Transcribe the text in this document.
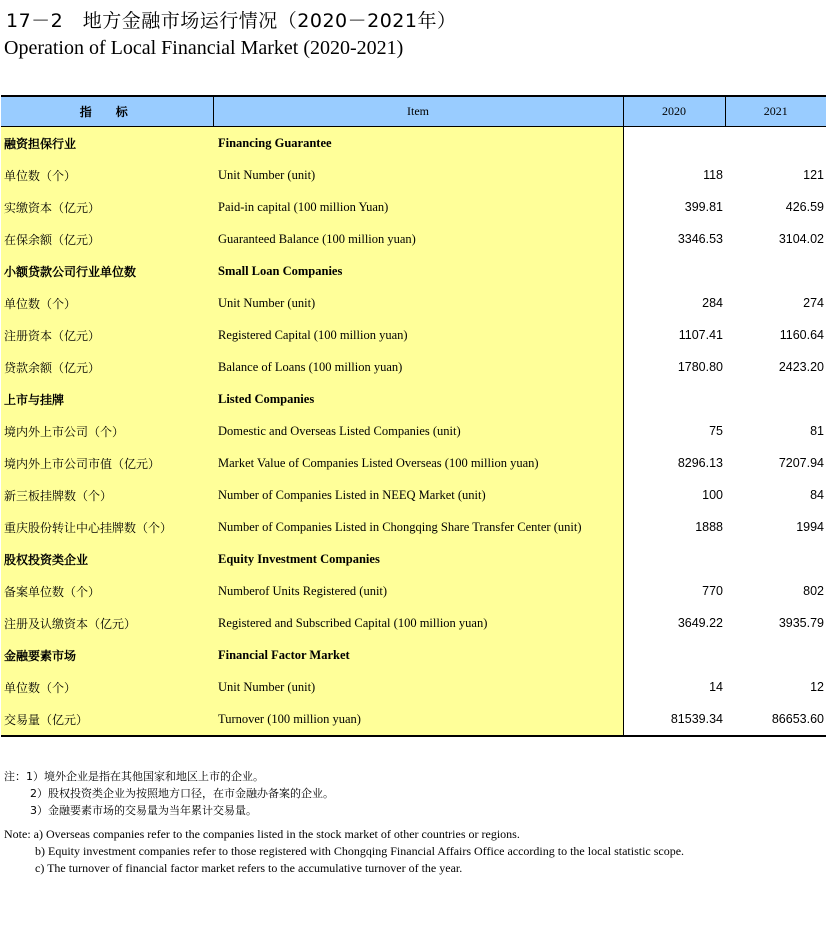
17－2　地方金融市场运行情况（2020－2021年）
Operation of Local Financial Market (2020-2021)
指　标	Item	2020	2021
融资担保行业	Financing Guarantee		
单位数（个）	Unit Number (unit)	118	121
实缴资本（亿元）	Paid-in capital (100 million Yuan)	399.81	426.59
在保余额（亿元）	Guaranteed Balance (100 million yuan)	3346.53	3104.02
小额贷款公司行业单位数	Small Loan Companies		
单位数（个）	Unit Number (unit)	284	274
注册资本（亿元）	Registered Capital (100 million yuan)	1107.41	1160.64
贷款余额（亿元）	Balance of Loans (100 million yuan)	1780.80	2423.20
上市与挂牌	Listed Companies		
境内外上市公司（个）	Domestic and Overseas Listed Companies (unit)	75	81
境内外上市公司市值（亿元）	Market Value of Companies Listed Overseas (100 million yuan)	8296.13	7207.94
新三板挂牌数（个）	Number of Companies Listed in NEEQ Market (unit)	100	84
重庆股份转让中心挂牌数（个）	Number of Companies Listed in Chongqing Share Transfer Center (unit)	1888	1994
股权投资类企业	Equity Investment Companies		
备案单位数（个）	Numberof Units Registered (unit)	770	802
注册及认缴资本（亿元）	Registered and Subscribed Capital (100 million yuan)	3649.22	3935.79
金融要素市场	Financial Factor Market		
单位数（个）	Unit Number (unit)	14	12
交易量（亿元）	Turnover (100 million yuan)	81539.34	86653.60
注：1）境外企业是指在其他国家和地区上市的企业。
2）股权投资类企业为按照地方口径，在市金融办备案的企业。
3）金融要素市场的交易量为当年累计交易量。
Note: a) Overseas companies refer to the companies listed in the stock market of other countries or regions.
b) Equity investment companies refer to those registered with Chongqing Financial Affairs Office according to the local statistic scope.
c) The turnover of financial factor market refers to the accumulative turnover of the year.
